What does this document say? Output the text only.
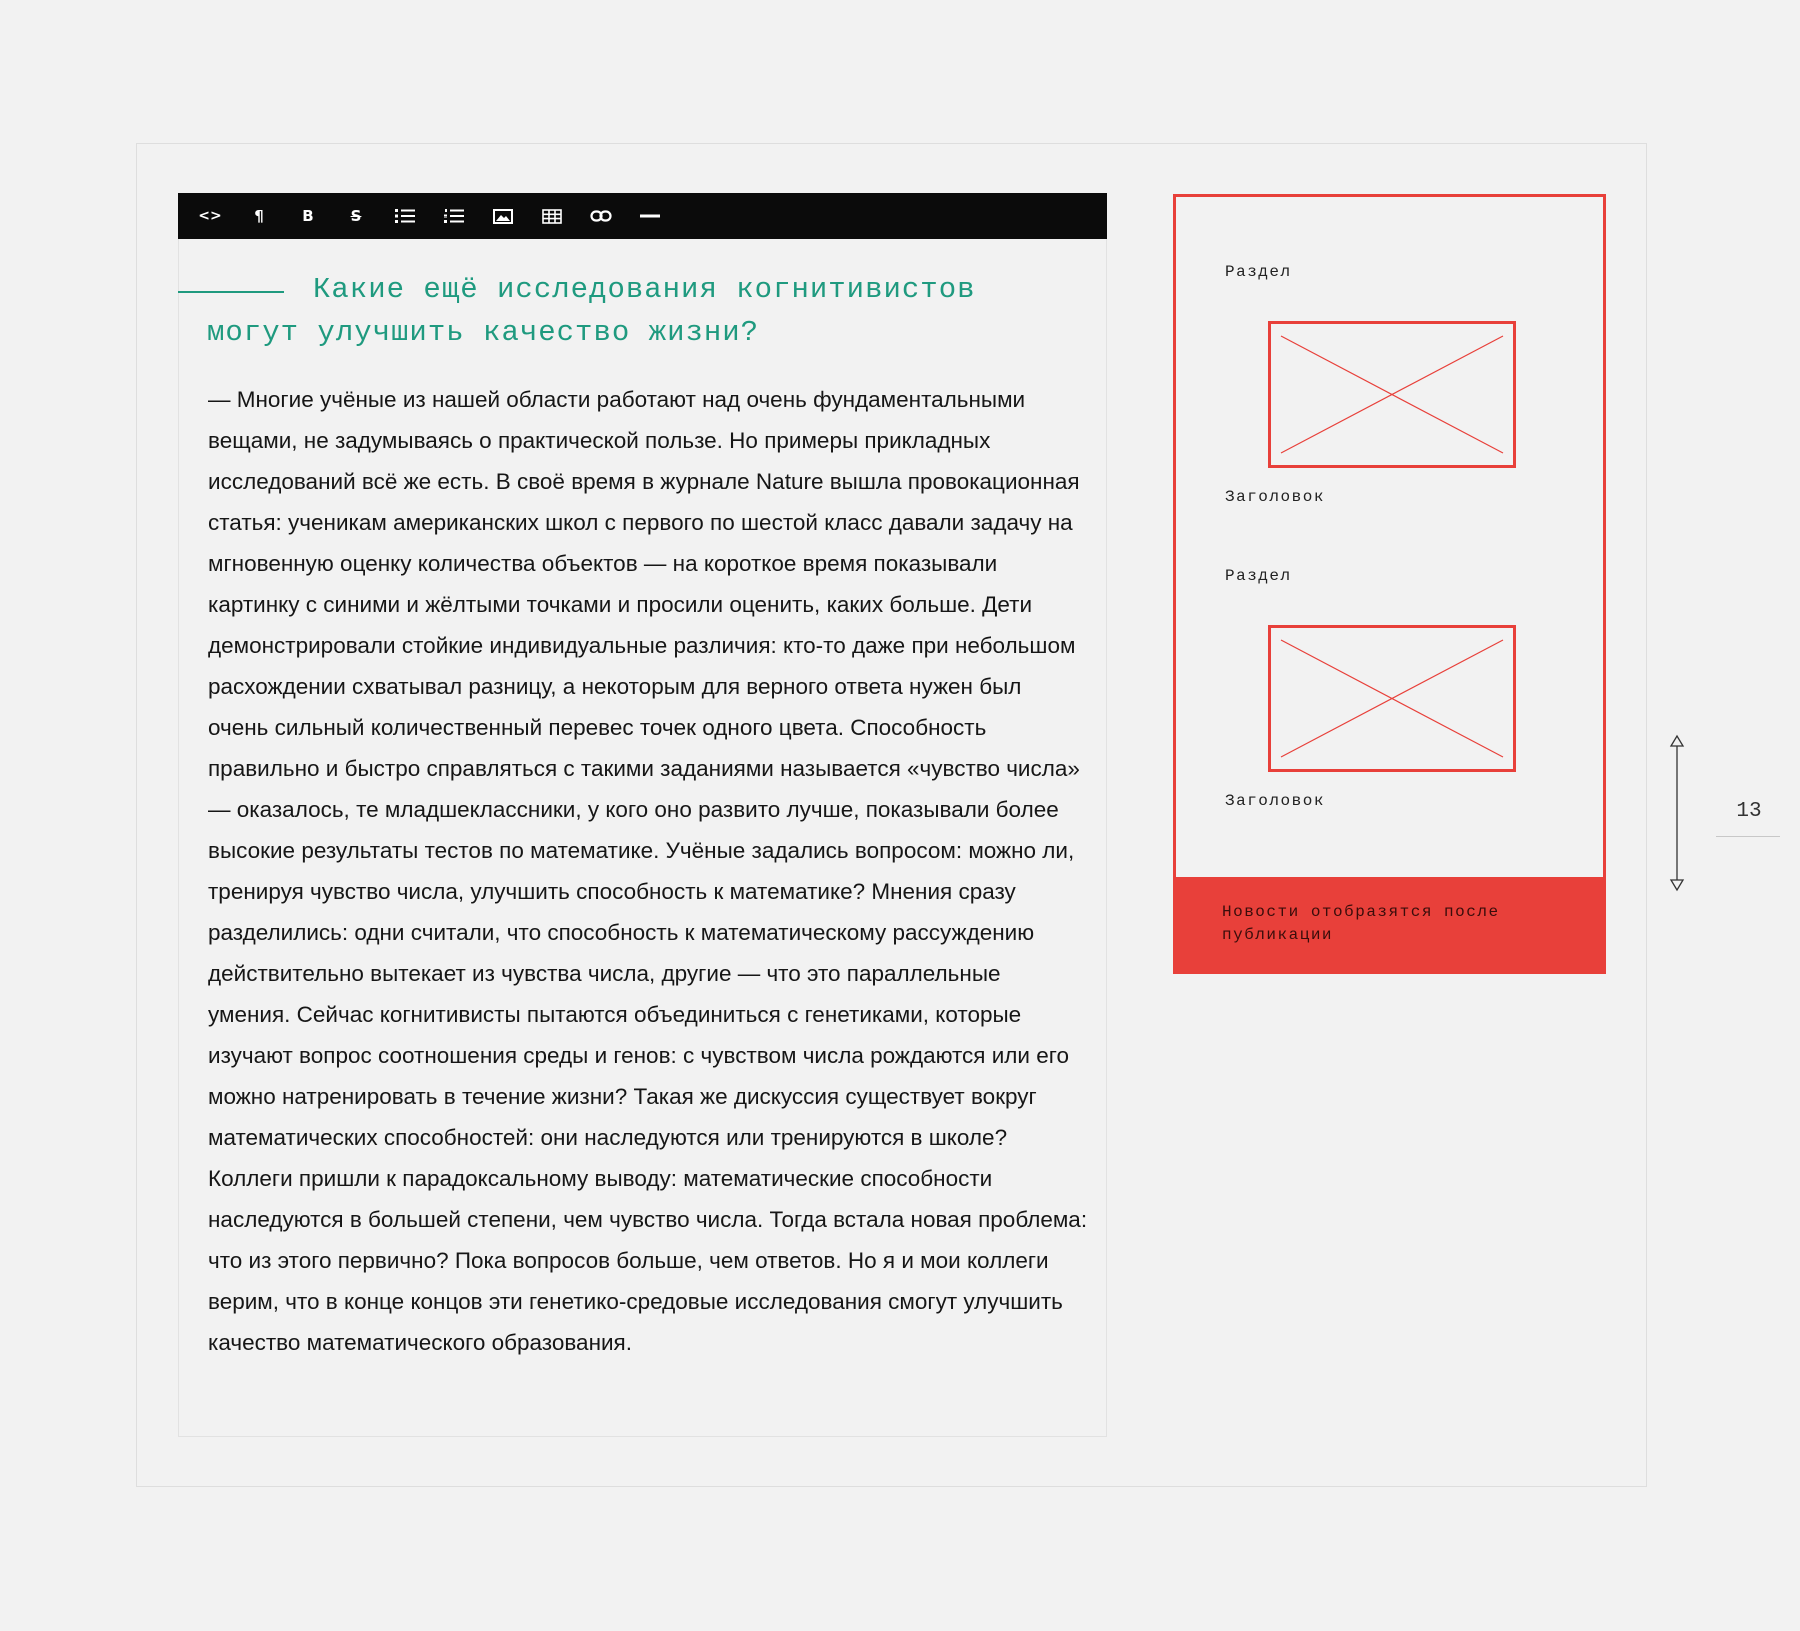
<> ¶	B S
Какие ещё исследования когнитивистов могут улучшить качество жизни?

— Многие учёные из нашей области работают над очень фундаментальными вещами, не задумываясь о практической пользе. Но примеры прикладных исследований всё же есть. В своё время в журнале Nature вышла провокационная статья: ученикам американских школ с первого по шестой класс давали задачу на мгновенную оценку количества объектов — на короткое время показывали картинку с синими и жёлтыми точками и просили оценить, каких больше. Дети демонстрировали стойкие индивидуальные различия: кто-то даже при небольшом расхождении схватывал разницу, а некоторым для верного ответа нужен был очень сильный количественный перевес точек одного цвета. Способность правильно и быстро справляться с такими заданиями называется «чувство числа» — оказалось, те младшеклассники, у кого оно развито лучше, показывали более высокие результаты тестов по математике. Учёные задались вопросом: можно ли, тренируя чувство числа, улучшить способность к математике? Мнения сразу разделились: одни считали, что способность к математическому рассуждению действительно вытекает из чувства числа, другие — что это параллельные умения. Сейчас когнитивисты пытаются объединиться с генетиками, которые изучают вопрос соотношения среды и генов: с чувством числа рождаются или его можно натренировать в течение жизни? Такая же дискуссия существует вокруг математических способностей: они наследуются или тренируются в школе? Коллеги пришли к парадоксальному выводу: математические способности наследуются в большей степени, чем чувство числа. Тогда встала новая проблема: что из этого первично? Пока вопросов больше, чем ответов. Но я и мои коллеги верим, что в конце концов эти генетико-средовые исследования смогут улучшить качество математического образования.

Раздел
Заголовок
Раздел
Заголовок
Новости отобразятся после публикации
13
